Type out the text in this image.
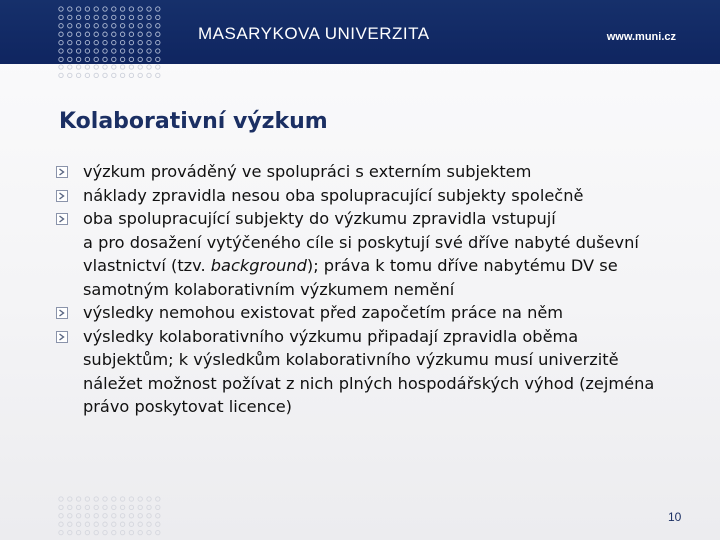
MASARYKOVA UNIVERZITA	www.muni.cz
Kolaborativní výzkum
výzkum prováděný ve spolupráci s externím subjektem
náklady zpravidla nesou oba spolupracující subjekty společně
oba spolupracující subjekty do výzkumu zpravidla vstupují
a pro dosažení vytýčeného cíle si poskytují své dříve nabyté duševní
vlastnictví (tzv. background); práva k tomu dříve nabytému DV se
samotným kolaborativním výzkumem nemění
výsledky nemohou existovat před započetím práce na něm
výsledky kolaborativního výzkumu připadají zpravidla oběma
subjektům; k výsledkům kolaborativního výzkumu musí univerzitě
náležet možnost požívat z nich plných hospodářských výhod (zejména
právo poskytovat licence)
10
